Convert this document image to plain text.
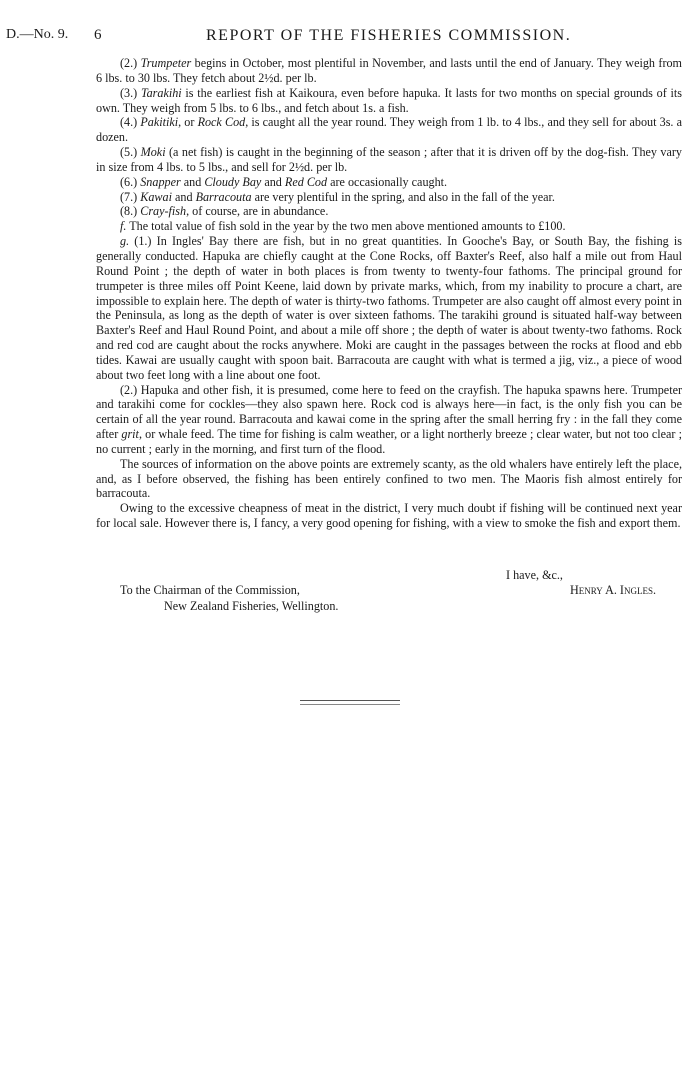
D.—No. 9. 6	REPORT OF THE FISHERIES COMMISSION.

(2.) Trumpeter begins in October, most plentiful in November, and lasts until the end of January. They weigh from 6 lbs. to 30 lbs. They fetch about 2½d. per lb.

(3.) Tarakihi is the earliest fish at Kaikoura, even before hapuka. It lasts for two months on special grounds of its own. They weigh from 5 lbs. to 6 lbs., and fetch about 1s. a fish.

(4.) Pakitiki, or Rock Cod, is caught all the year round. They weigh from 1 lb. to 4 lbs., and they sell for about 3s. a dozen.

(5.) Moki (a net fish) is caught in the beginning of the season ; after that it is driven off by the dog-fish. They vary in size from 4 lbs. to 5 lbs., and sell for 2½d. per lb.

(6.) Snapper and Cloudy Bay and Red Cod are occasionally caught.

(7.) Kawai and Barracouta are very plentiful in the spring, and also in the fall of the year.

(8.) Cray-fish, of course, are in abundance.

f. The total value of fish sold in the year by the two men above mentioned amounts to £100.

g. (1.) In Ingles' Bay there are fish, but in no great quantities. In Gooche's Bay, or South Bay, the fishing is generally conducted. Hapuka are chiefly caught at the Cone Rocks, off Baxter's Reef, also half a mile out from Haul Round Point ; the depth of water in both places is from twenty to twenty-four fathoms. The principal ground for trumpeter is three miles off Point Keene, laid down by private marks, which, from my inability to procure a chart, are impossible to explain here. The depth of water is thirty-two fathoms. Trumpeter are also caught off almost every point in the Peninsula, as long as the depth of water is over sixteen fathoms. The tarakihi ground is situated half-way between Baxter's Reef and Haul Round Point, and about a mile off shore ; the depth of water is about twenty-two fathoms. Rock and red cod are caught about the rocks anywhere. Moki are caught in the passages between the rocks at flood and ebb tides. Kawai are usually caught with spoon bait. Barracouta are caught with what is termed a jig, viz., a piece of wood about two feet long with a line about one foot.

(2.) Hapuka and other fish, it is presumed, come here to feed on the crayfish. The hapuka spawns here. Trumpeter and tarakihi come for cockles—they also spawn here. Rock cod is always here—in fact, is the only fish you can be certain of all the year round. Barracouta and kawai come in the spring after the small herring fry : in the fall they come after grit, or whale feed. The time for fishing is calm weather, or a light northerly breeze ; clear water, but not too clear ; no current ; early in the morning, and first turn of the flood.

The sources of information on the above points are extremely scanty, as the old whalers have entirely left the place, and, as I before observed, the fishing has been entirely confined to two men. The Maoris fish almost entirely for barracouta.

Owing to the excessive cheapness of meat in the district, I very much doubt if fishing will be continued next year for local sale. However there is, I fancy, a very good opening for fishing, with a view to smoke the fish and export them.

I have, &c.,
Henry A. Ingles.
To the Chairman of the Commission,
New Zealand Fisheries, Wellington.
